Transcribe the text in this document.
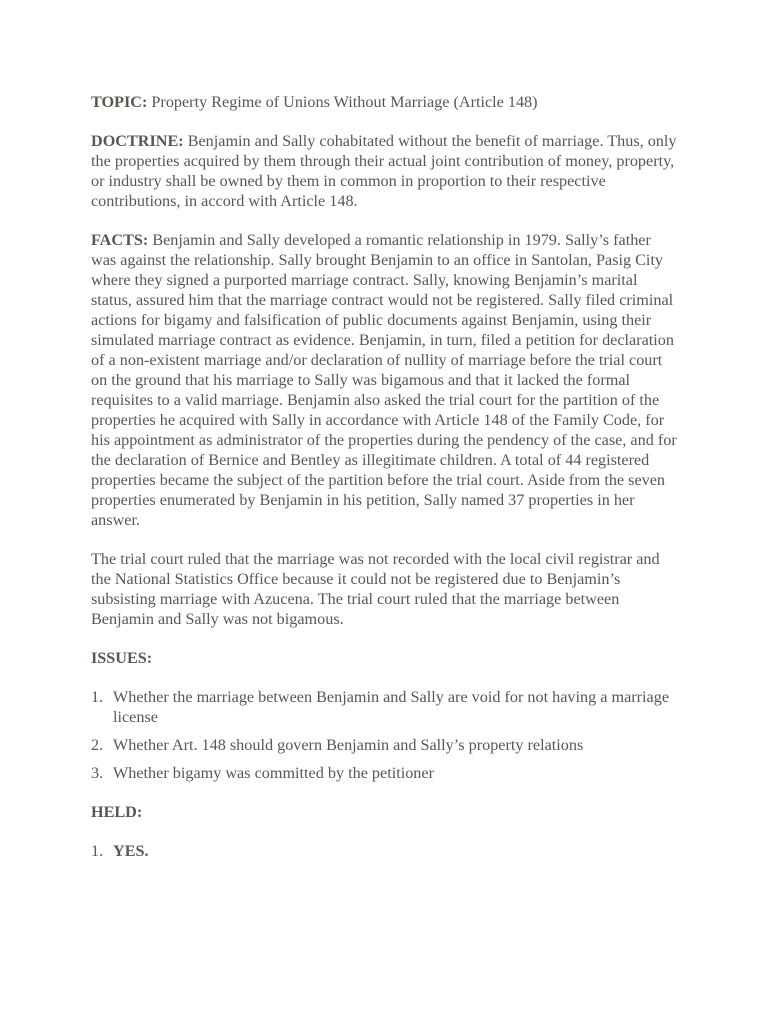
TOPIC: Property Regime of Unions Without Marriage (Article 148)

DOCTRINE: Benjamin and Sally cohabitated without the benefit of marriage. Thus, only the properties acquired by them through their actual joint contribution of money, property, or industry shall be owned by them in common in proportion to their respective contributions, in accord with Article 148.

FACTS: Benjamin and Sally developed a romantic relationship in 1979. Sally’s father was against the relationship. Sally brought Benjamin to an office in Santolan, Pasig City where they signed a purported marriage contract. Sally, knowing Benjamin’s marital status, assured him that the marriage contract would not be registered. Sally filed criminal actions for bigamy and falsification of public documents against Benjamin, using their simulated marriage contract as evidence. Benjamin, in turn, filed a petition for declaration of a non-existent marriage and/or declaration of nullity of marriage before the trial court on the ground that his marriage to Sally was bigamous and that it lacked the formal requisites to a valid marriage. Benjamin also asked the trial court for the partition of the properties he acquired with Sally in accordance with Article 148 of the Family Code, for his appointment as administrator of the properties during the pendency of the case, and for the declaration of Bernice and Bentley as illegitimate children. A total of 44 registered properties became the subject of the partition before the trial court. Aside from the seven properties enumerated by Benjamin in his petition, Sally named 37 properties in her answer.

The trial court ruled that the marriage was not recorded with the local civil registrar and the National Statistics Office because it could not be registered due to Benjamin’s subsisting marriage with Azucena. The trial court ruled that the marriage between Benjamin and Sally was not bigamous.

ISSUES:

1. Whether the marriage between Benjamin and Sally are void for not having a marriage license
2. Whether Art. 148 should govern Benjamin and Sally’s property relations
3. Whether bigamy was committed by the petitioner

HELD:

1. YES.
